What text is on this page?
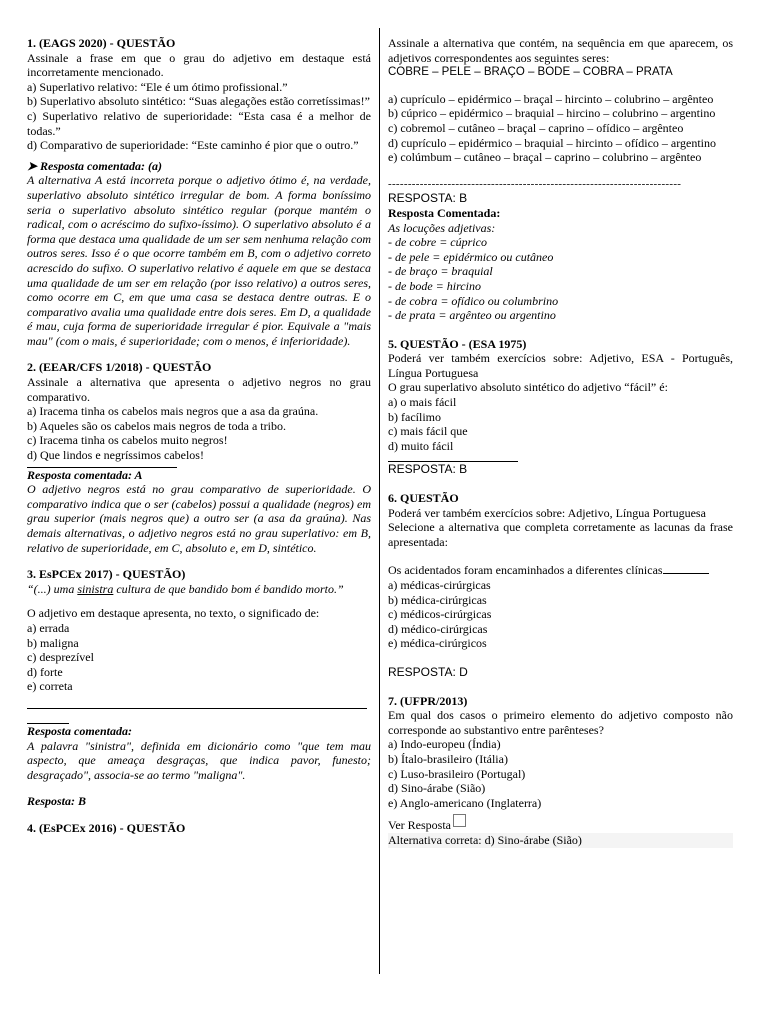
1. (EAGS 2020) - QUESTÃO

Assinale a frase em que o grau do adjetivo em destaque está incorretamente mencionado.

a) Superlativo relativo: “Ele é um ótimo profissional.”

b) Superlativo absoluto sintético: “Suas alegações estão corretíssimas!”

c) Superlativo relativo de superioridade: “Esta casa é a melhor de todas.”

d) Comparativo de superioridade: “Este caminho é pior que o outro.”

➤ Resposta comentada: (a)

A alternativa A está incorreta porque o adjetivo ótimo é, na verdade, superlativo absoluto sintético irregular de bom. A forma boníssimo seria o superlativo absoluto sintético regular (porque mantém o radical, com o acréscimo do sufixo-íssimo). O superlativo absoluto é a forma que destaca uma qualidade de um ser sem nenhuma relação com outros seres. Isso é o que ocorre também em B, com o adjetivo correto acrescido do sufixo. O superlativo relativo é aquele em que se destaca uma qualidade de um ser em relação (por isso relativo) a outros seres, como ocorre em C, em que uma casa se destaca dentre outras. E o comparativo avalia uma qualidade entre dois seres. Em D, a qualidade é mau, cuja forma de superioridade irregular é pior. Equivale a "mais mau" (com o mais, é superioridade; com o menos, é inferioridade).

2. (EEAR/CFS 1/2018) - QUESTÃO

Assinale a alternativa que apresenta o adjetivo negros no grau comparativo.

a) Iracema tinha os cabelos mais negros que a asa da graúna.

b) Aqueles são os cabelos mais negros de toda a tribo.

c) Iracema tinha os cabelos muito negros!

d) Que lindos e negríssimos cabelos!

Resposta comentada: A

O adjetivo negros está no grau comparativo de superioridade. O comparativo indica que o ser (cabelos) possui a qualidade (negros) em grau superior (mais negros que) a outro ser (a asa da graúna). Nas demais alternativas, o adjetivo negros está no grau superlativo: em B, relativo de superioridade, em C, absoluto e, em D, sintético.

3. EsPCEx 2017) - QUESTÃO)

“(...) uma sinistra cultura de que bandido bom é bandido morto.”

O adjetivo em destaque apresenta, no texto, o significado de:

a) errada

b) maligna

c) desprezível

d) forte

e) correta

Resposta comentada:

A palavra "sinistra", definida em dicionário como "que tem mau aspecto, que ameaça desgraças, que indica pavor, funesto; desgraçado", associa-se ao termo "maligna".

Resposta: B

4. (EsPCEx 2016) - QUESTÃO

Assinale a alternativa que contém, na sequência em que aparecem, os adjetivos correspondentes aos seguintes seres:

COBRE – PELE – BRAÇO – BODE – COBRA – PRATA

a) cuprículo – epidérmico – braçal – hircinto – colubrino – argênteo

b) cúprico – epidérmico – braquial – hircino – colubrino – argentino

c) cobremol – cutâneo – braçal – caprino – ofídico – argênteo

d) cuprículo – epidérmico – braquial – hircinto – ofídico – argentino

e) colúmbum – cutâneo – braçal – caprino – colubrino – argênteo

--------------------------------------------------------------------------

RESPOSTA: B

Resposta Comentada:

As locuções adjetivas:

- de cobre = cúprico

- de pele = epidérmico ou cutâneo

- de braço = braquial

- de bode = hircino

- de cobra = ofídico ou columbrino

- de prata = argênteo ou argentino

5. QUESTÃO - (ESA 1975)

Poderá ver também exercícios sobre: Adjetivo, ESA - Português, Língua Portuguesa

O grau superlativo absoluto sintético do adjetivo “fácil” é:

a) o mais fácil

b) facílimo

c) mais fácil que

d) muito fácil

RESPOSTA: B

6. QUESTÃO

Poderá ver também exercícios sobre: Adjetivo, Língua Portuguesa

Selecione a alternativa que completa corretamente as lacunas da frase apresentada:

Os acidentados foram encaminhados a diferentes clínicas

a) médicas-cirúrgicas

b) médica-cirúrgicas

c) médicos-cirúrgicas

d) médico-cirúrgicas

e) médica-cirúrgicos

RESPOSTA: D

7. (UFPR/2013)

Em qual dos casos o primeiro elemento do adjetivo composto não corresponde ao substantivo entre parênteses?

a) Indo-europeu (Índia)

b) Ítalo-brasileiro (Itália)

c) Luso-brasileiro (Portugal)

d) Sino-árabe (Sião)

e) Anglo-americano (Inglaterra)

Ver Resposta

Alternativa correta: d) Sino-árabe (Sião)
